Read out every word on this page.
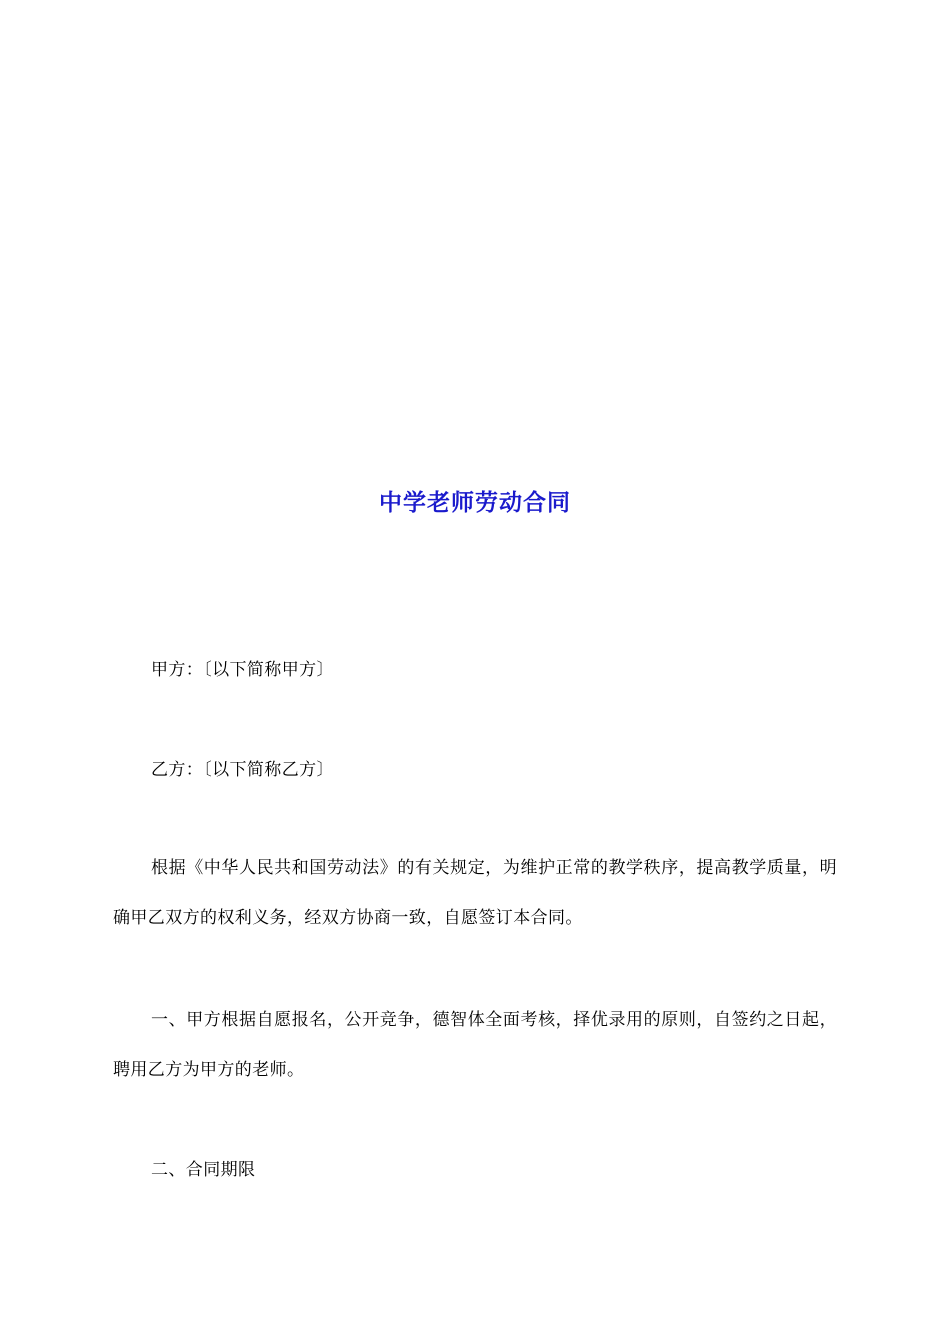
中学老师劳动合同

甲方：〔以下简称甲方〕

乙方：〔以下简称乙方〕

根据《中华人民共和国劳动法》的有关规定，为维护正常的教学秩序，提高教学质量，明确甲乙双方的权利义务，经双方协商一致，自愿签订本合同。

一、甲方根据自愿报名，公开竞争，德智体全面考核，择优录用的原则，自签约之日起，聘用乙方为甲方的老师。

二、合同期限
